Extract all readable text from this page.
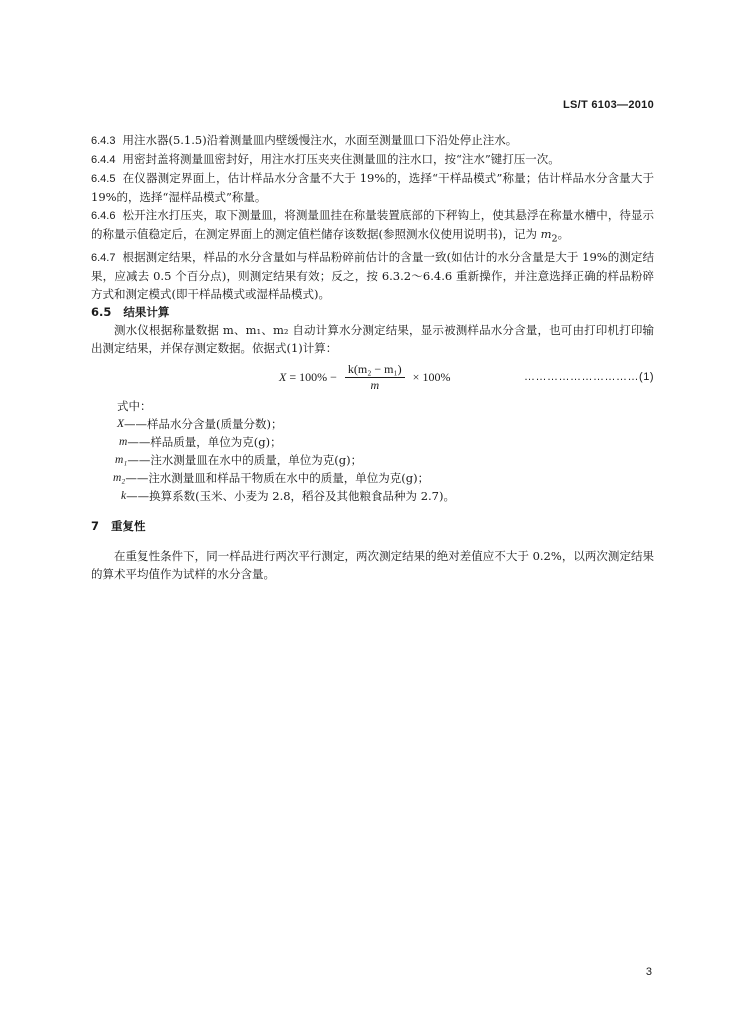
LS/T 6103—2010

6.4.3 用注水器(5.1.5)沿着测量皿内壁缓慢注水，水面至测量皿口下沿处停止注水。

6.4.4 用密封盖将测量皿密封好，用注水打压夹夹住测量皿的注水口，按“注水”键打压一次。

6.4.5 在仪器测定界面上，估计样品水分含量不大于 19%的，选择“干样品模式”称量；估计样品水分含量大于 19%的，选择“湿样品模式”称量。

6.4.6 松开注水打压夹，取下测量皿，将测量皿挂在称量装置底部的下秤钩上，使其悬浮在称量水槽中，待显示的称量示值稳定后，在测定界面上的测定值栏储存该数据(参照测水仪使用说明书)，记为 $m_2$。

6.4.7 根据测定结果，样品的水分含量如与样品粉碎前估计的含量一致(如估计的水分含量是大于 19%的测定结果，应减去 0.5 个百分点)，则测定结果有效；反之，按 6.3.2～6.4.6 重新操作，并注意选择正确的样品粉碎方式和测定模式(即干样品模式或湿样品模式)。

6.5 结果计算

测水仪根据称量数据 m、m₁、m₂ 自动计算水分测定结果，显示被测样品水分含量，也可由打印机打印输出测定结果，并保存测定数据。依据式(1)计算：

$X = 100\% - \frac{\text{k(m₂ − m₁)}}{m} \times 100\%$	…………………………(1)

式中：

X ——样品水分含量(质量分数)；

m ——样品质量，单位为克(g)；

m₁ ——注水测量皿在水中的质量，单位为克(g)；

m₂ ——注水测量皿和样品干物质在水中的质量，单位为克(g)；

k ——换算系数(玉米、小麦为 2.8，稻谷及其他粮食品种为 2.7)。

7 重复性

在重复性条件下，同一样品进行两次平行测定，两次测定结果的绝对差值应不大于 0.2%，以两次测定结果的算术平均值作为试样的水分含量。

3
